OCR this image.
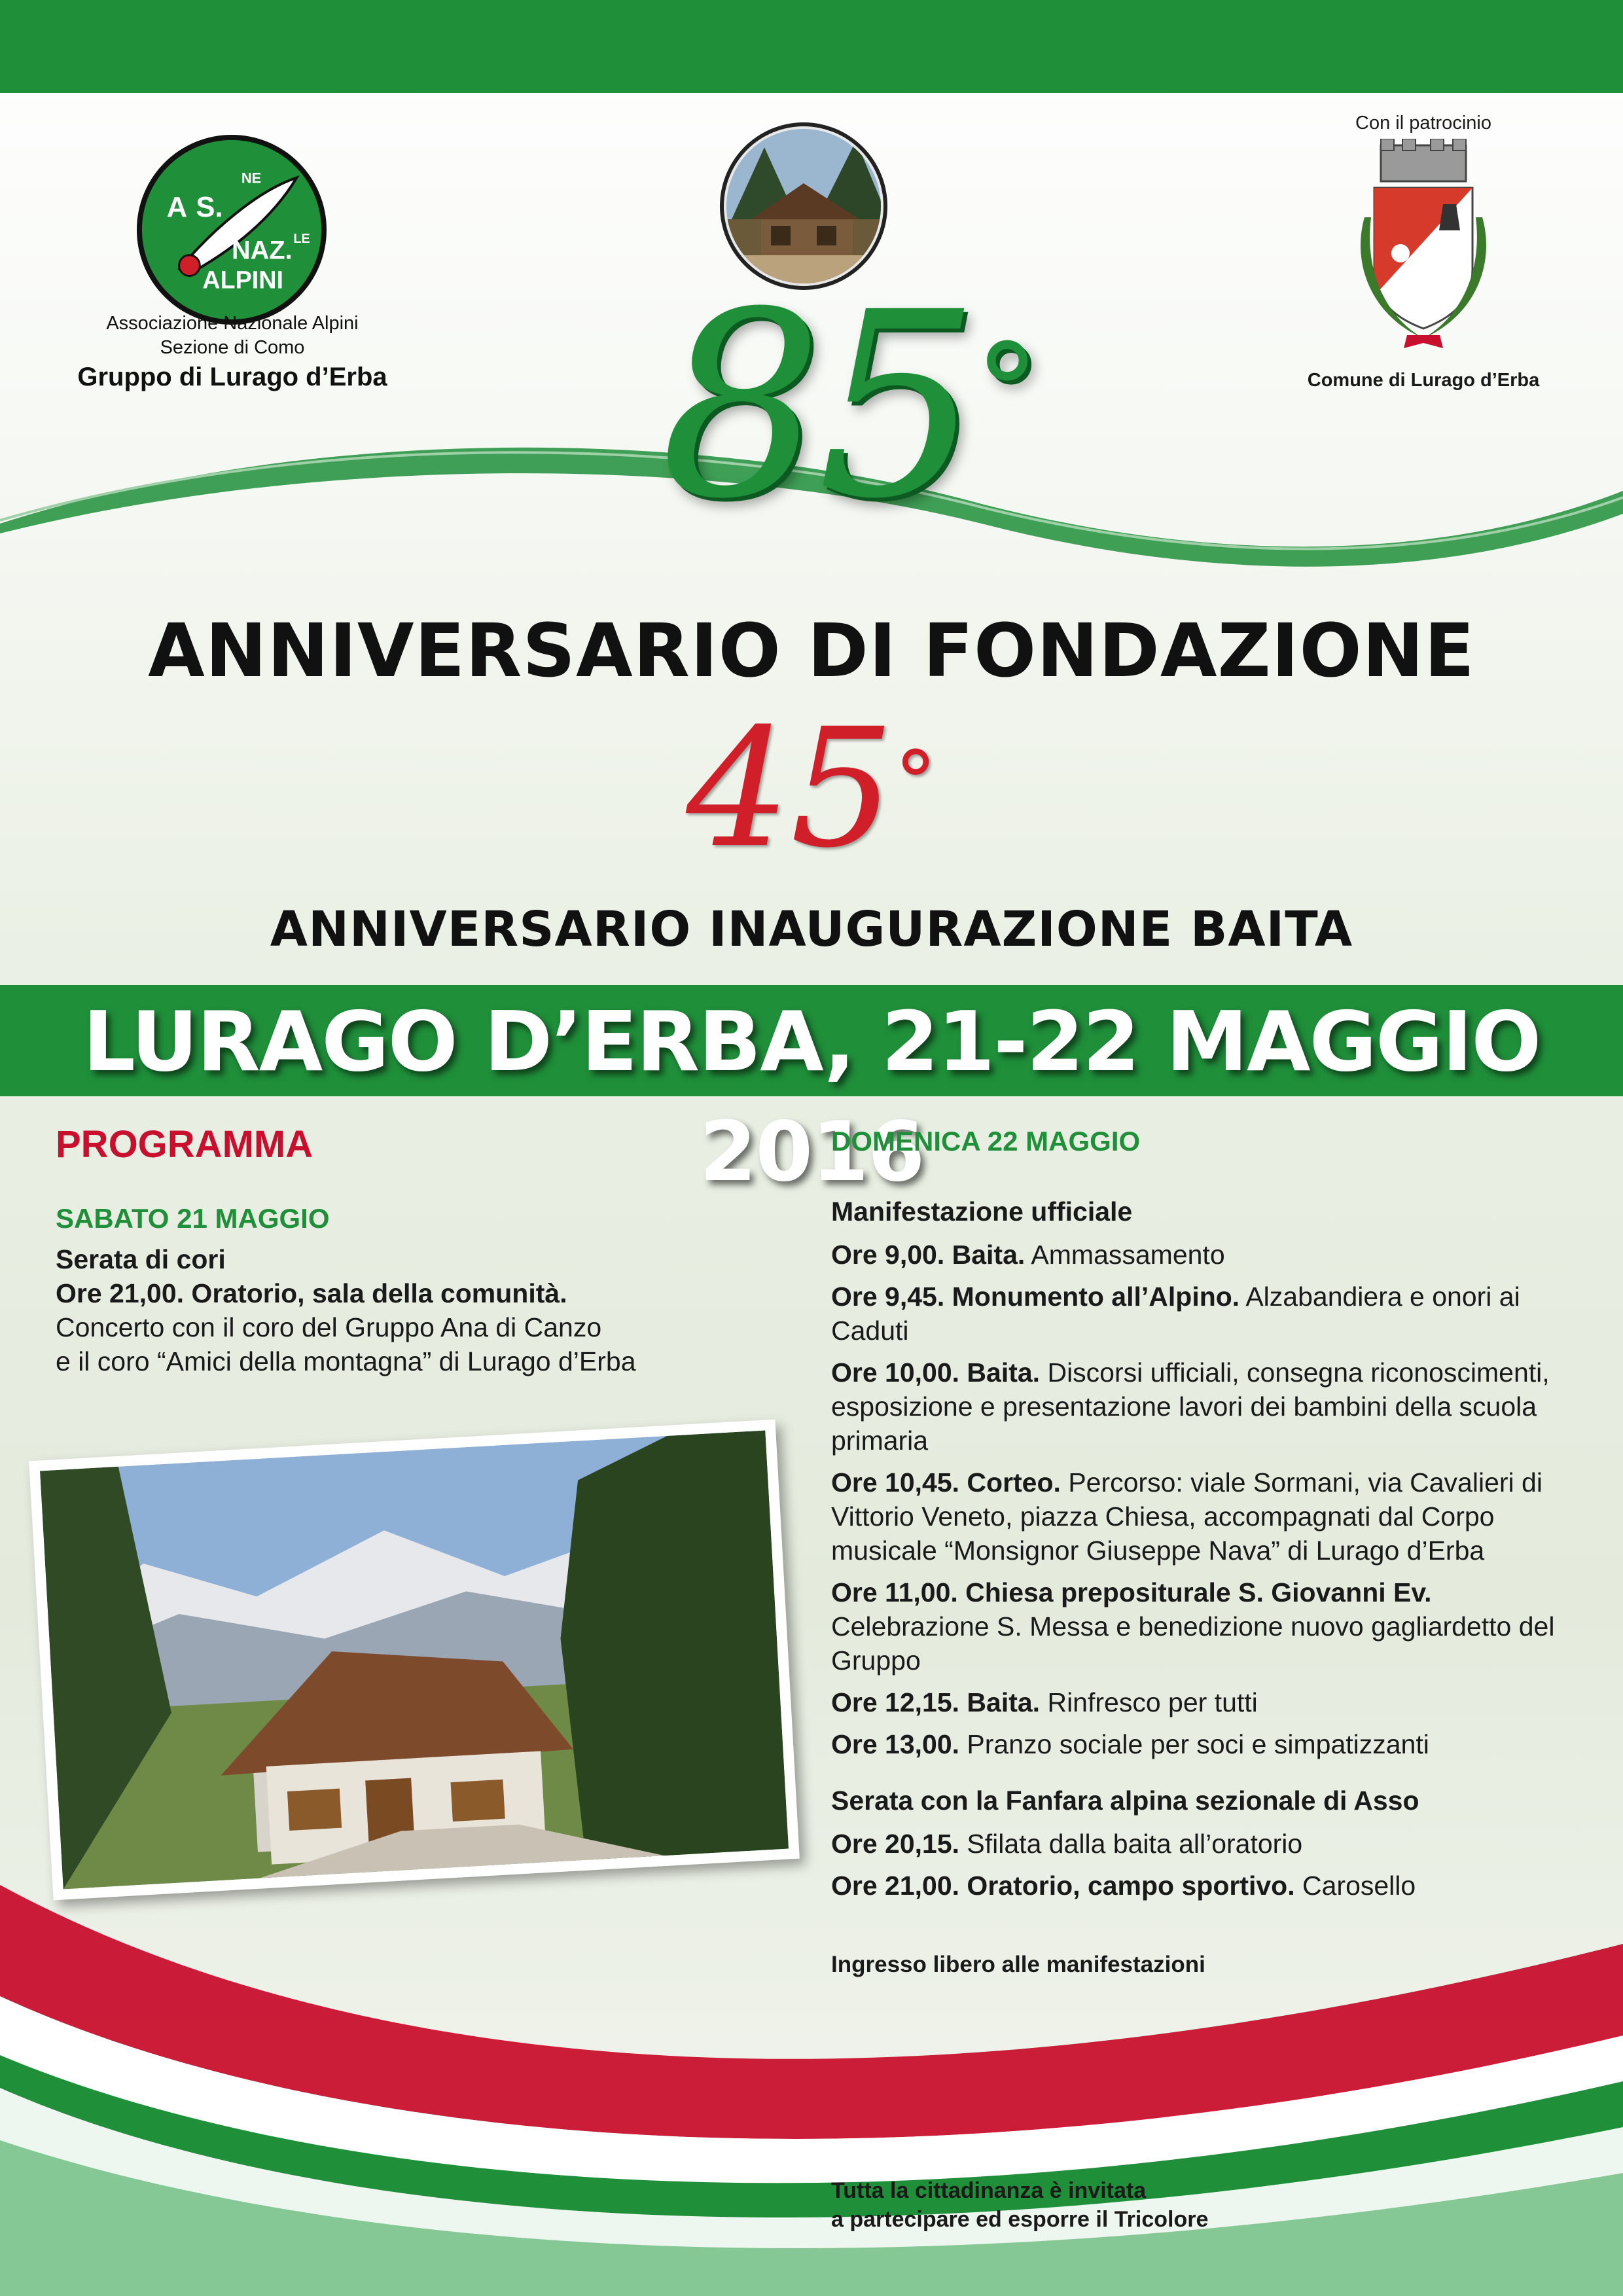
A S.
NE
NAZ. LE
ALPINI
Associazione Nazionale Alpini
Sezione di Como
Gruppo di Lurago d’Erba
Con il patrocinio
Comune di Lurago d’Erba
85°
ANNIVERSARIO DI FONDAZIONE
45°
ANNIVERSARIO INAUGURAZIONE BAITA
LURAGO D’ERBA, 21-22 MAGGIO 2016
PROGRAMMA
SABATO 21 MAGGIO
Serata di cori
Ore 21,00. Oratorio, sala della comunità.
Concerto con il coro del Gruppo Ana di Canzo
e il coro “Amici della montagna” di Lurago d’Erba
DOMENICA 22 MAGGIO
Manifestazione ufficiale
Ore 9,00. Baita. Ammassamento
Ore 9,45. Monumento all’Alpino. Alzabandiera e onori ai Caduti
Ore 10,00. Baita. Discorsi ufficiali, consegna riconoscimenti, esposizione e presentazione lavori dei bambini della scuola primaria
Ore 10,45. Corteo. Percorso: viale Sormani, via Cavalieri di Vittorio Veneto, piazza Chiesa, accompagnati dal Corpo musicale “Monsignor Giuseppe Nava” di Lurago d’Erba
Ore 11,00. Chiesa prepositurale S. Giovanni Ev. Celebrazione S. Messa e benedizione nuovo gagliardetto del Gruppo
Ore 12,15. Baita. Rinfresco per tutti
Ore 13,00. Pranzo sociale per soci e simpatizzanti
Serata con la Fanfara alpina sezionale di Asso
Ore 20,15. Sfilata dalla baita all’oratorio
Ore 21,00. Oratorio, campo sportivo. Carosello
Ingresso libero alle manifestazioni
Tutta la cittadinanza è invitata
a partecipare ed esporre il Tricolore
